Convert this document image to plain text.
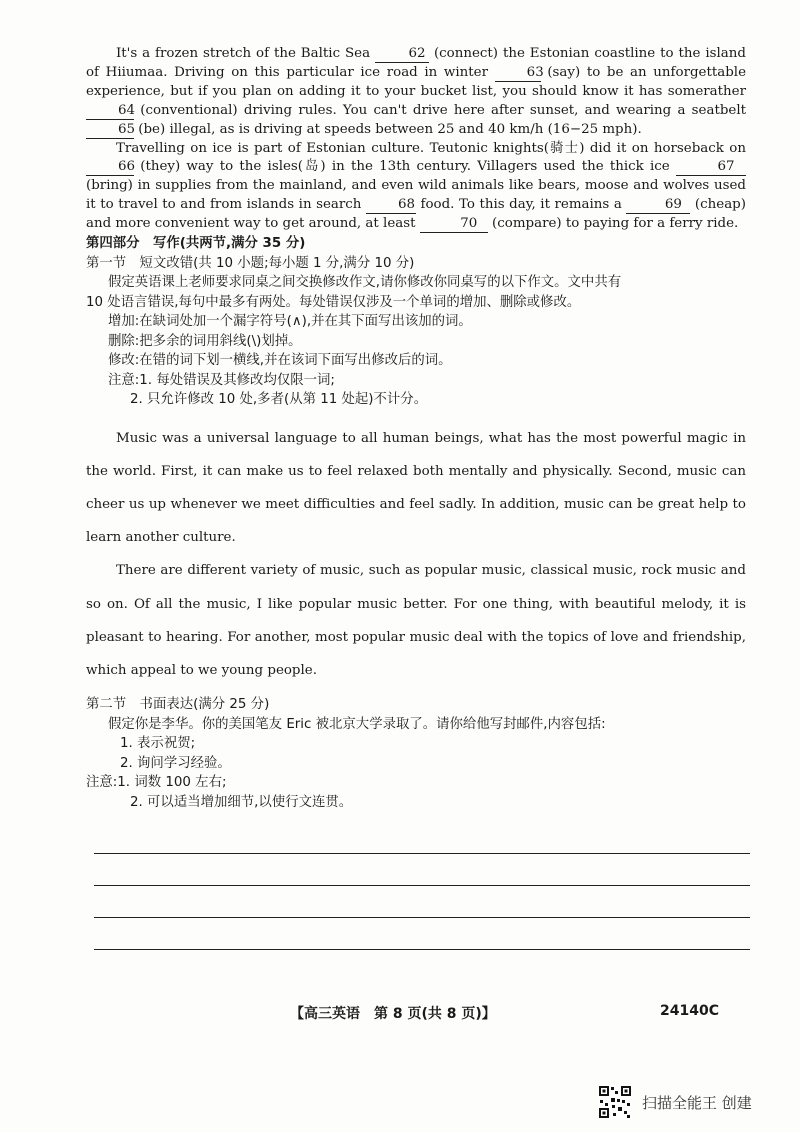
It's a frozen stretch of the Baltic Sea	62 (connect) the Estonian coastline to the island of Hiiumaa. Driving on this particular ice road in winter	63 (say) to be an unforgettable experience, but if you plan on adding it to your bucket list, you should know it has somerather 64 (conventional) driving rules. You can't drive here after sunset, and wearing a seatbelt 65 (be) illegal, as is driving at speeds between 25 and 40 km/h (16−25 mph).

Travelling on ice is part of Estonian culture. Teutonic knights(骑士) did it on horseback on 66 (they) way to the isles(岛) in the 13th century. Villagers used the thick ice	67 (bring) in supplies from the mainland, and even wild animals like bears, moose and wolves used it to travel to and from islands in search	68 food. To this day, it remains a	69 (cheap) and more convenient way to get around, at least	70 (compare) to paying for a ferry ride.

第四部分　写作(共两节,满分 35 分)

第一节　短文改错(共 10 小题;每小题 1 分,满分 10 分)

假定英语课上老师要求同桌之间交换修改作文,请你修改你同桌写的以下作文。文中共有

10 处语言错误,每句中最多有两处。每处错误仅涉及一个单词的增加、删除或修改。

增加:在缺词处加一个漏字符号(∧),并在其下面写出该加的词。

删除:把多余的词用斜线(\)划掉。

修改:在错的词下划一横线,并在该词下面写出修改后的词。

注意:1. 每处错误及其修改均仅限一词;

2. 只允许修改 10 处,多者(从第 11 处起)不计分。

Music was a universal language to all human beings, what has the most powerful magic in the world. First, it can make us to feel relaxed both mentally and physically. Second, music can cheer us up whenever we meet difficulties and feel sadly. In addition, music can be great help to learn another culture.

There are different variety of music, such as popular music, classical music, rock music and so on. Of all the music, I like popular music better. For one thing, with beautiful melody, it is pleasant to hearing. For another, most popular music deal with the topics of love and friendship, which appeal to we young people.

第二节　书面表达(满分 25 分)

假定你是李华。你的美国笔友 Eric 被北京大学录取了。请你给他写封邮件,内容包括:

1. 表示祝贺;

2. 询问学习经验。

注意:1. 词数 100 左右;

2. 可以适当增加细节,以使行文连贯。

【高三英语　第 8 页(共 8 页)】	24140C
扫描全能王 创建
